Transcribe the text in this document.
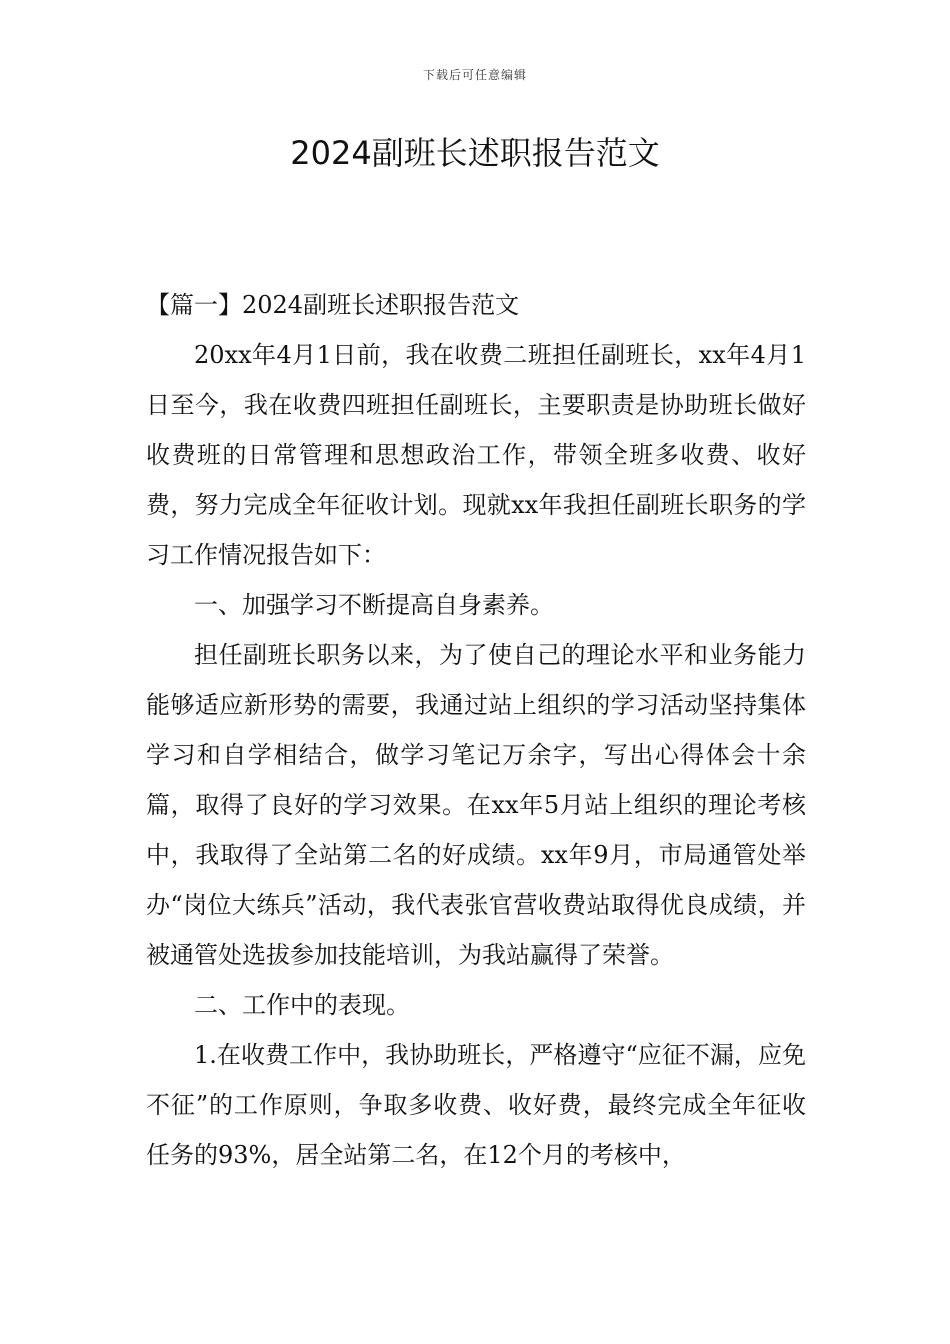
下载后可任意编辑
2024副班长述职报告范文

【篇一】2024副班长述职报告范文

20xx年4月1日前，我在收费二班担任副班长，xx年4月1日至今，我在收费四班担任副班长，主要职责是协助班长做好收费班的日常管理和思想政治工作，带领全班多收费、收好费，努力完成全年征收计划。现就xx年我担任副班长职务的学习工作情况报告如下：

一、加强学习不断提高自身素养。

担任副班长职务以来，为了使自己的理论水平和业务能力能够适应新形势的需要，我通过站上组织的学习活动坚持集体学习和自学相结合，做学习笔记万余字，写出心得体会十余篇，取得了良好的学习效果。在xx年5月站上组织的理论考核中，我取得了全站第二名的好成绩。xx年9月，市局通管处举办“岗位大练兵”活动，我代表张官营收费站取得优良成绩，并被通管处选拔参加技能培训，为我站赢得了荣誉。

二、工作中的表现。

1.在收费工作中，我协助班长，严格遵守“应征不漏，应免不征”的工作原则，争取多收费、收好费，最终完成全年征收任务的93%，居全站第二名，在12个月的考核中，
